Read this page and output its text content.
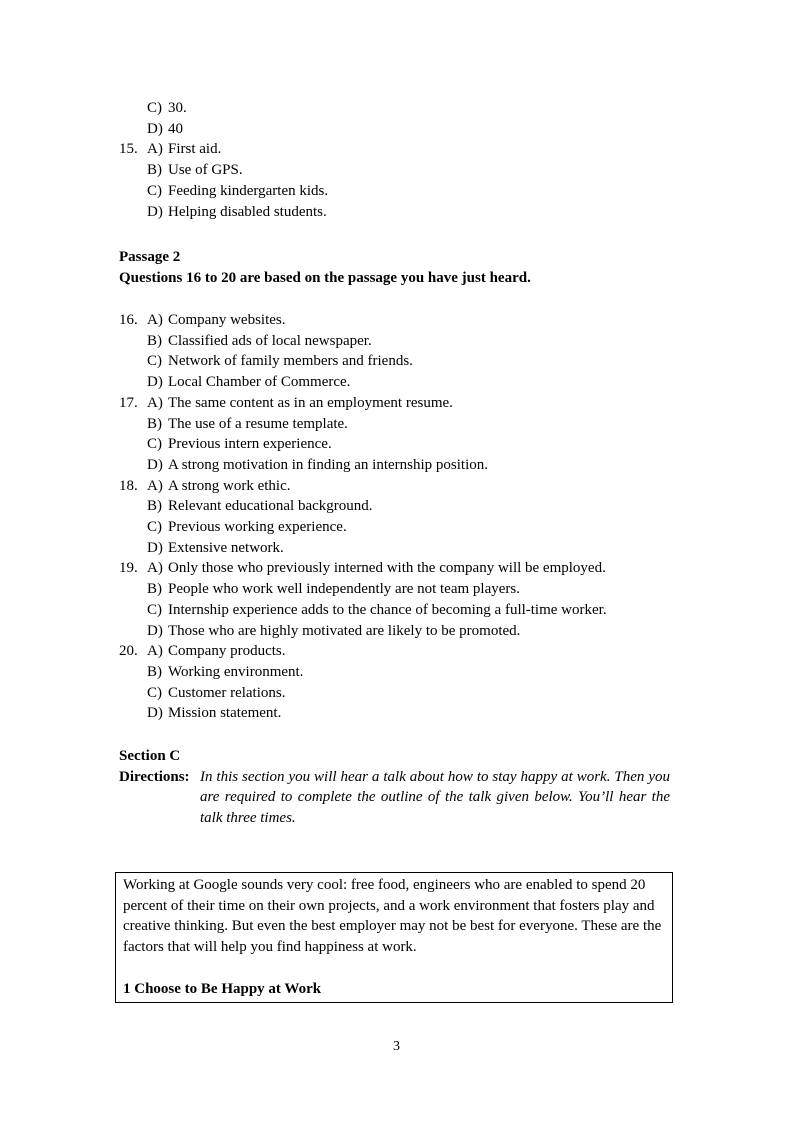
C) 30.
D) 40
15. A) First aid.
B) Use of GPS.
C) Feeding kindergarten kids.
D) Helping disabled students.
Passage 2
Questions 16 to 20 are based on the passage you have just heard.
16. A) Company websites.
B) Classified ads of local newspaper.
C) Network of family members and friends.
D) Local Chamber of Commerce.
17. A) The same content as in an employment resume.
B) The use of a resume template.
C) Previous intern experience.
D) A strong motivation in finding an internship position.
18. A) A strong work ethic.
B) Relevant educational background.
C) Previous working experience.
D) Extensive network.
19. A) Only those who previously interned with the company will be employed.
B) People who work well independently are not team players.
C) Internship experience adds to the chance of becoming a full-time worker.
D) Those who are highly motivated are likely to be promoted.
20. A) Company products.
B) Working environment.
C) Customer relations.
D) Mission statement.
Section C
Directions: In this section you will hear a talk about how to stay happy at work. Then you are required to complete the outline of the talk given below. You’ll hear the talk three times.
Working at Google sounds very cool: free food, engineers who are enabled to spend 20 percent of their time on their own projects, and a work environment that fosters play and creative thinking. But even the best employer may not be best for everyone. These are the factors that will help you find happiness at work.
1 Choose to Be Happy at Work
3
